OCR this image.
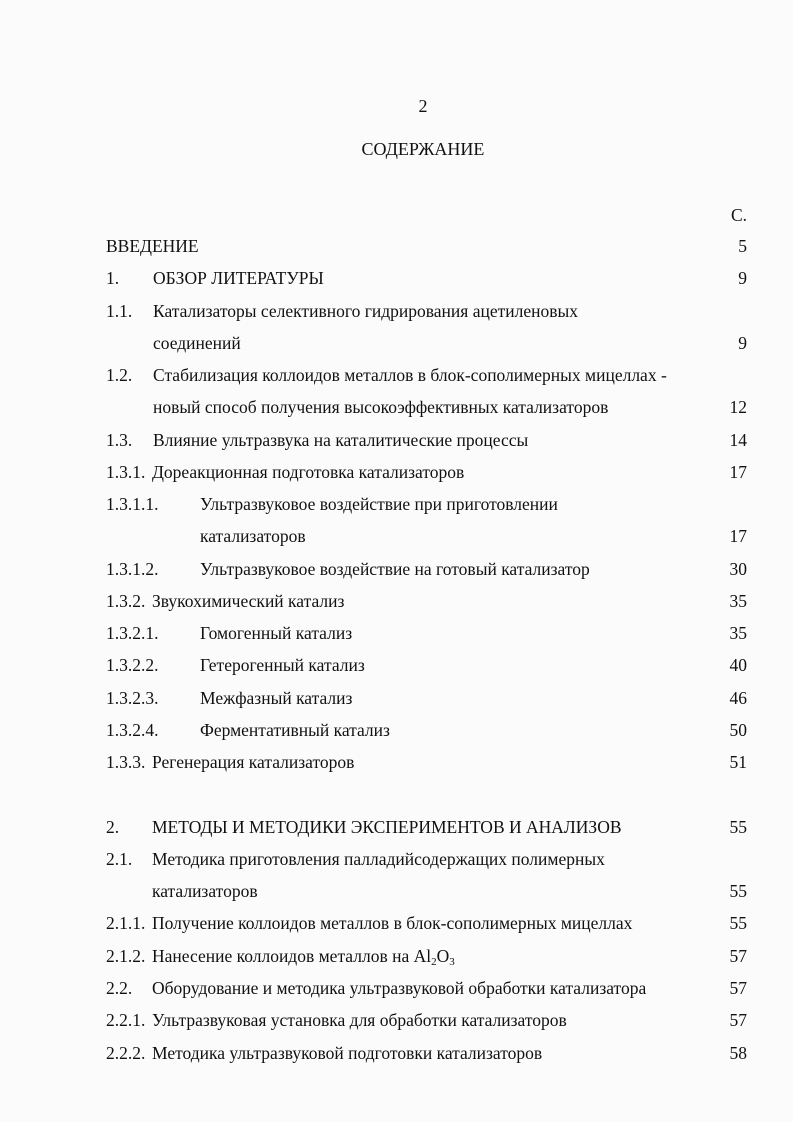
2
СОДЕРЖАНИЕ
С.
ВВЕДЕНИЕ	5
1. ОБЗОР ЛИТЕРАТУРЫ	9
1.1. Катализаторы селективного гидрирования ацетиленовых
соединений	9
1.2. Стабилизация коллоидов металлов в блок-сополимерных мицеллах -
новый способ получения высокоэффективных катализаторов	12
1.3. Влияние ультразвука на каталитические процессы	14
1.3.1. Дореакционная подготовка катализаторов	17
1.3.1.1. Ультразвуковое воздействие при приготовлении
катализаторов	17
1.3.1.2. Ультразвуковое воздействие на готовый катализатор	30
1.3.2. Звукохимический катализ	35
1.3.2.1. Гомогенный катализ	35
1.3.2.2. Гетерогенный катализ	40
1.3.2.3. Межфазный катализ	46
1.3.2.4. Ферментативный катализ	50
1.3.3. Регенерация катализаторов	51
2. МЕТОДЫ И МЕТОДИКИ ЭКСПЕРИМЕНТОВ И АНАЛИЗОВ	55
2.1. Методика приготовления палладийсодержащих полимерных
катализаторов	55
2.1.1. Получение коллоидов металлов в блок-сополимерных мицеллах	55
2.1.2. Нанесение коллоидов металлов на $Al_2O_3$	57
2.2. Оборудование и методика ультразвуковой обработки катализатора	57
2.2.1. Ультразвуковая установка для обработки катализаторов	57
2.2.2. Методика ультразвуковой подготовки катализаторов	58
